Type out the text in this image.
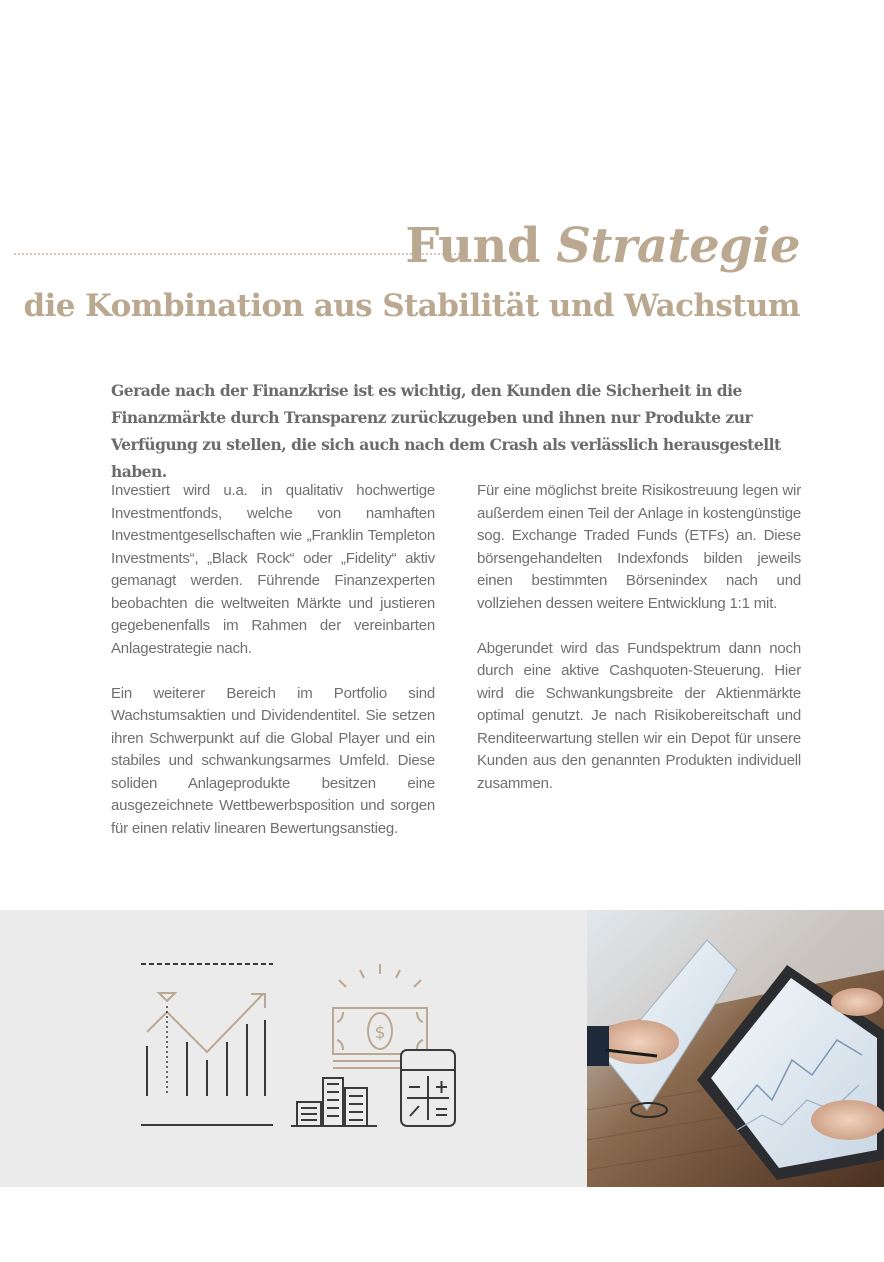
Fund Strategie
die Kombination aus Stabilität und Wachstum

Gerade nach der Finanzkrise ist es wichtig, den Kunden die Sicherheit in die Finanzmärkte durch Transparenz zurückzugeben und ihnen nur Produkte zur Verfügung zu stellen, die sich auch nach dem Crash als verlässlich herausgestellt haben.

Investiert wird u.a. in qualitativ hochwertige Investmentfonds, welche von namhaften Investmentgesellschaften wie „Franklin Templeton Investments“, „Black Rock“ oder „Fidelity“ aktiv gemanagt werden. Führende Finanzexperten beobachten die weltweiten Märkte und justieren gegebenenfalls im Rahmen der vereinbarten Anlagestrategie nach.

Ein weiterer Bereich im Portfolio sind Wachstumsaktien und Dividendentitel. Sie setzen ihren Schwerpunkt auf die Global Player und ein stabiles und schwankungsarmes Umfeld. Diese soliden Anlageprodukte besitzen eine ausgezeichnete Wettbewerbsposition und sorgen für einen relativ linearen Bewertungsanstieg.

Für eine möglichst breite Risikostreuung legen wir außerdem einen Teil der Anlage in kostengünstige sog. Exchange Traded Funds (ETFs) an. Diese börsengehandelten Indexfonds bilden jeweils einen bestimmten Börsenindex nach und vollziehen dessen weitere Entwicklung 1:1 mit.

Abgerundet wird das Fundspektrum dann noch durch eine aktive Cashquoten-Steuerung. Hier wird die Schwankungsbreite der Aktienmärkte optimal genutzt. Je nach Risikobereitschaft und Renditeerwartung stellen wir ein Depot für unsere Kunden aus den genannten Produkten individuell zusammen.

$
